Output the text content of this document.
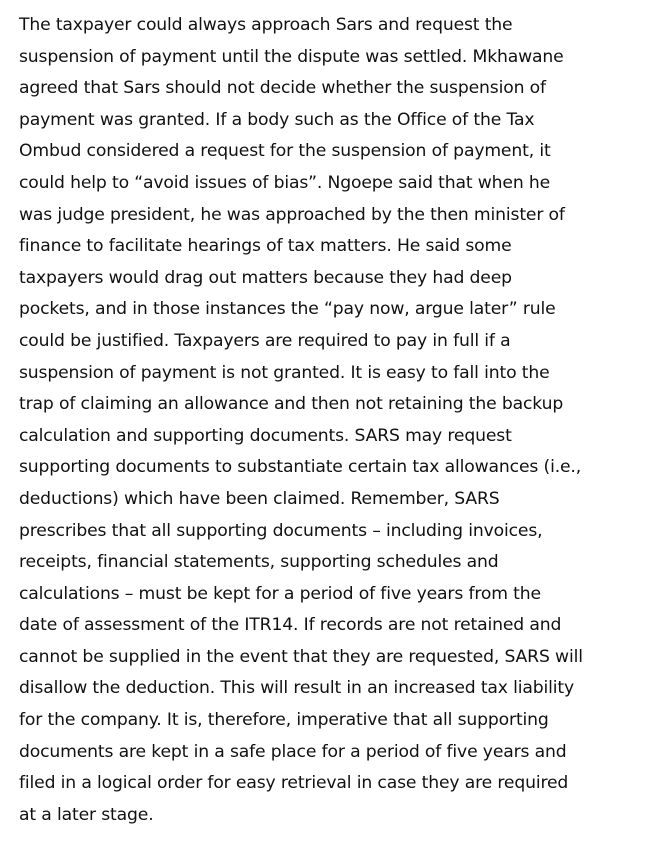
The taxpayer could always approach Sars and request the
suspension of payment until the dispute was settled. Mkhawane
agreed that Sars should not decide whether the suspension of
payment was granted. If a body such as the Office of the Tax
Ombud considered a request for the suspension of payment, it
could help to “avoid issues of bias”. Ngoepe said that when he
was judge president, he was approached by the then minister of
finance to facilitate hearings of tax matters. He said some
taxpayers would drag out matters because they had deep
pockets, and in those instances the “pay now, argue later” rule
could be justified. Taxpayers are required to pay in full if a
suspension of payment is not granted. It is easy to fall into the
trap of claiming an allowance and then not retaining the backup
calculation and supporting documents. SARS may request
supporting documents to substantiate certain tax allowances (i.e.,
deductions) which have been claimed. Remember, SARS
prescribes that all supporting documents – including invoices,
receipts, financial statements, supporting schedules and
calculations – must be kept for a period of five years from the
date of assessment of the ITR14. If records are not retained and
cannot be supplied in the event that they are requested, SARS will
disallow the deduction. This will result in an increased tax liability
for the company. It is, therefore, imperative that all supporting
documents are kept in a safe place for a period of five years and
filed in a logical order for easy retrieval in case they are required
at a later stage.
